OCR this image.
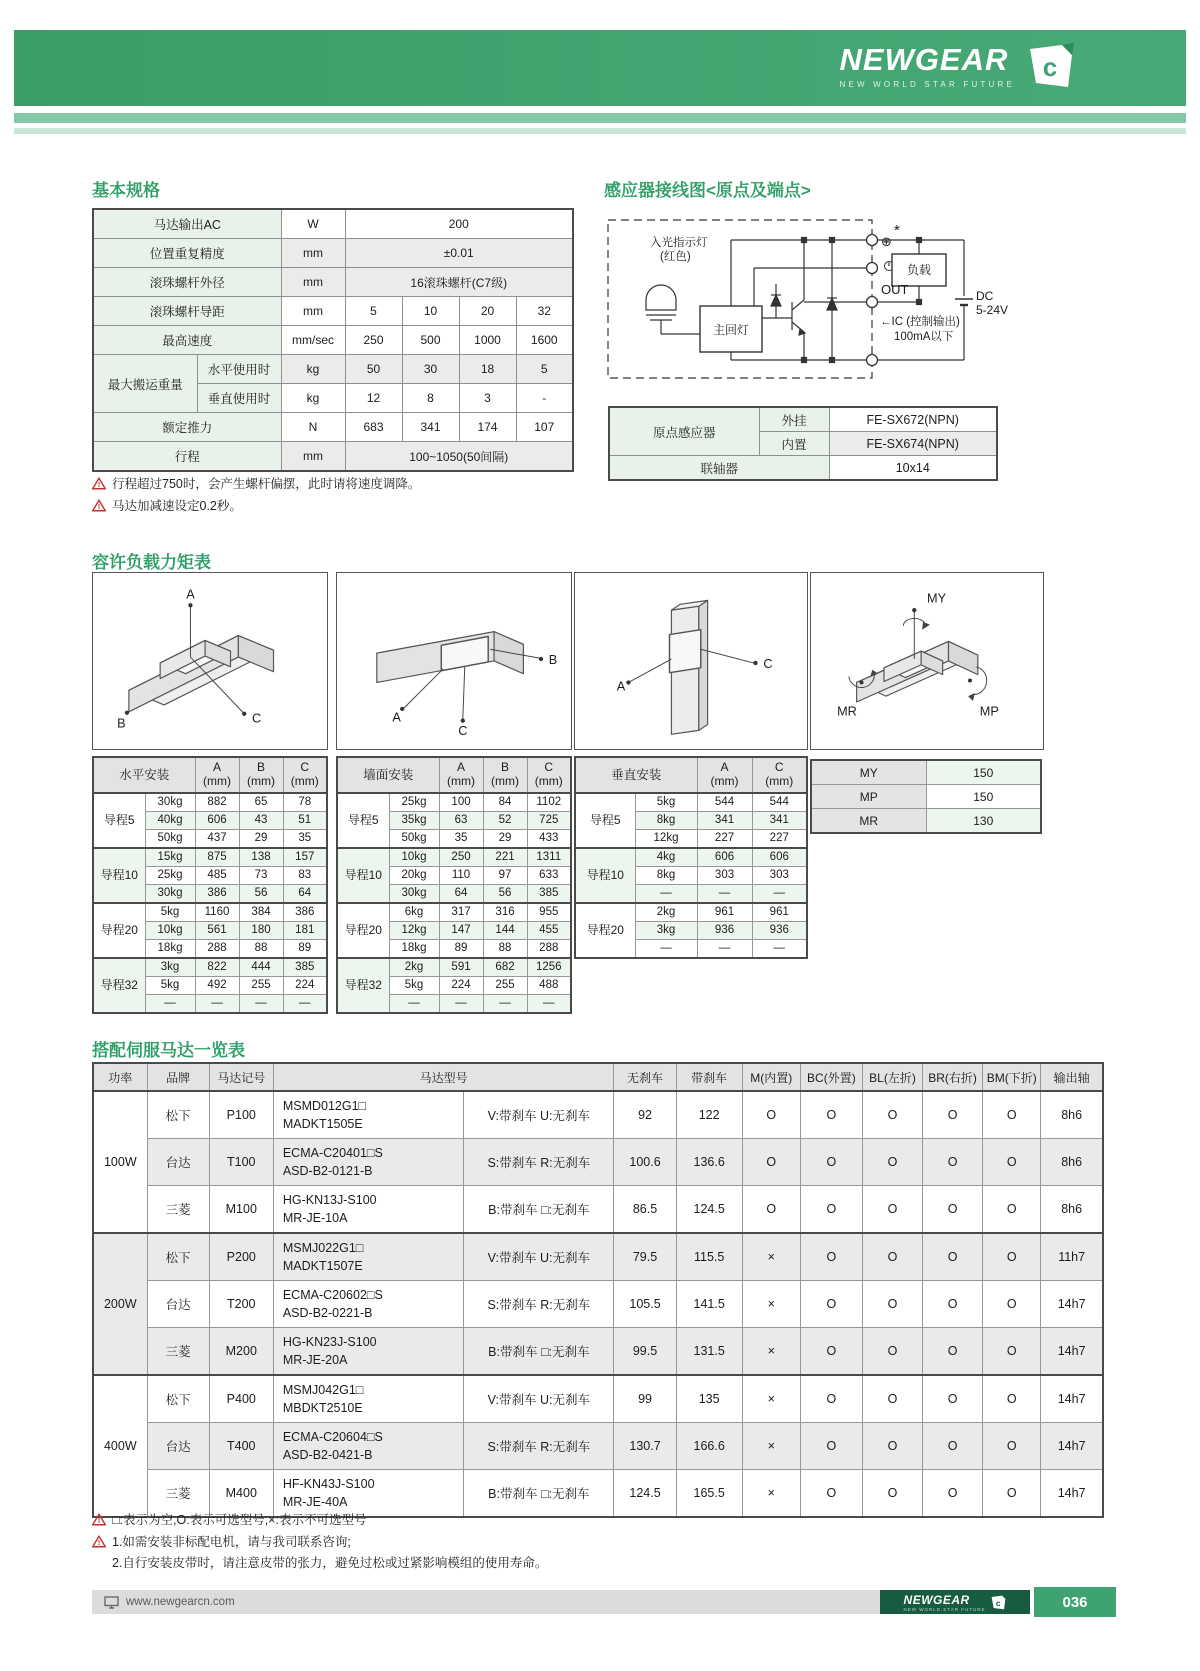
NEWGEAR
NEW WORLD STAR FUTURE
c
基本规格
马达输出AC		W	200			
位置重复精度		mm	±0.01			
滚珠螺杆外径		mm	16滚珠螺杆(C7级)			
滚珠螺杆导距		mm	5	10	20	32
最高速度		mm/sec	250	500	1000	1600
最大搬运重量	水平使用时	kg	50	30	18	5
	垂直使用时	kg	12	8	3	-
额定推力		N	683	341	174	107
行程		mm	100~1050(50间隔)			
! 行程超过750时，会产生螺杆偏摆，此时请将速度调降。
! 马达加减速设定0.2秒。
感应器接线图<原点及端点>
入光指示灯
(红色)
主回灯
负载
⊕
*
OUT
←IC (控制输出)
100mA以下
DC
5-24V
原点感应器	外挂	FE-SX672(NPN)
	内置	FE-SX674(NPN)
联轴器		10x14
容许负载力矩表
A
B	C	A
B
C
A
C
MY
MR	MP
水平安装	
A
(mm)

B
(mm)

C
(mm)

导程5	30kg	882	65	78
	40kg	606	43	51
	50kg	437	29	35
导程10	15kg	875	138	157
	25kg	485	73	83
	30kg	386	56	64
导程20	5kg	1160	384	386
	10kg	561	180	181
	18kg	288	88	89
导程32	3kg	822	444	385
	5kg	492	255	224
	—	—	—	—
墙面安装	
A
(mm)

B
(mm)

C
(mm)

导程5	25kg	100	84	1102
	35kg	63	52	725
	50kg	35	29	433
导程10	10kg	250	221	1311
	20kg	110	97	633
	30kg	64	56	385
导程20	6kg	317	316	955
	12kg	147	144	455
	18kg	89	88	288
导程32	2kg	591	682	1256
	5kg	224	255	488
	—	—	—	—
垂直安装	
A
(mm)

C
(mm)

导程5	5kg	544	544
	8kg	341	341
	12kg	227	227
导程10	4kg	606	606
	8kg	303	303
	—	—	—
导程20	2kg	961	961
	3kg	936	936
	—	—	—
MY	150
MP	150
MR	130
搭配伺服马达一览表
功率	品牌	马达记号	马达型号		无刹车	带刹车	M(内置)	BC(外置)	BL(左折)	BR(右折)	BM(下折)	输出轴
100W	松下	P100	MSMD012G1□
MADKT1505E	V:带刹车 U:无刹车	92	122	O	O	O	O	O	8h6
	台达	T100	ECMA-C20401□S
ASD-B2-0121-B	S:带刹车 R:无刹车	100.6	136.6	O	O	O	O	O	8h6
	三菱	M100	HG-KN13J-S100
MR-JE-10A	B:带刹车 □:无刹车	86.5	124.5	O	O	O	O	O	8h6
200W	松下	P200	MSMJ022G1□
MADKT1507E	V:带刹车 U:无刹车	79.5	115.5	×	O	O	O	O	11h7
	台达	T200	ECMA-C20602□S
ASD-B2-0221-B	S:带刹车 R:无刹车	105.5	141.5	×	O	O	O	O	14h7
	三菱	M200	HG-KN23J-S100
MR-JE-20A	B:带刹车 □:无刹车	99.5	131.5	×	O	O	O	O	14h7
400W	松下	P400	MSMJ042G1□
MBDKT2510E	V:带刹车 U:无刹车	99	135	×	O	O	O	O	14h7
	台达	T400	ECMA-C20604□S
ASD-B2-0421-B	S:带刹车 R:无刹车	130.7	166.6	×	O	O	O	O	14h7
	三菱	M400	HF-KN43J-S100
MR-JE-40A	B:带刹车 □:无刹车	124.5	165.5	×	O	O	O	O	14h7
! □:表示为空,O:表示可选型号,×:表示不可选型号
! 1.如需安装非标配电机，请与我司联系咨询;
2.自行安装皮带时，请注意皮带的张力，避免过松或过紧影响模组的使用寿命。
www.newgearcn.com	NEWGEAR
NEW WORLD STAR FUTURE
c	036
